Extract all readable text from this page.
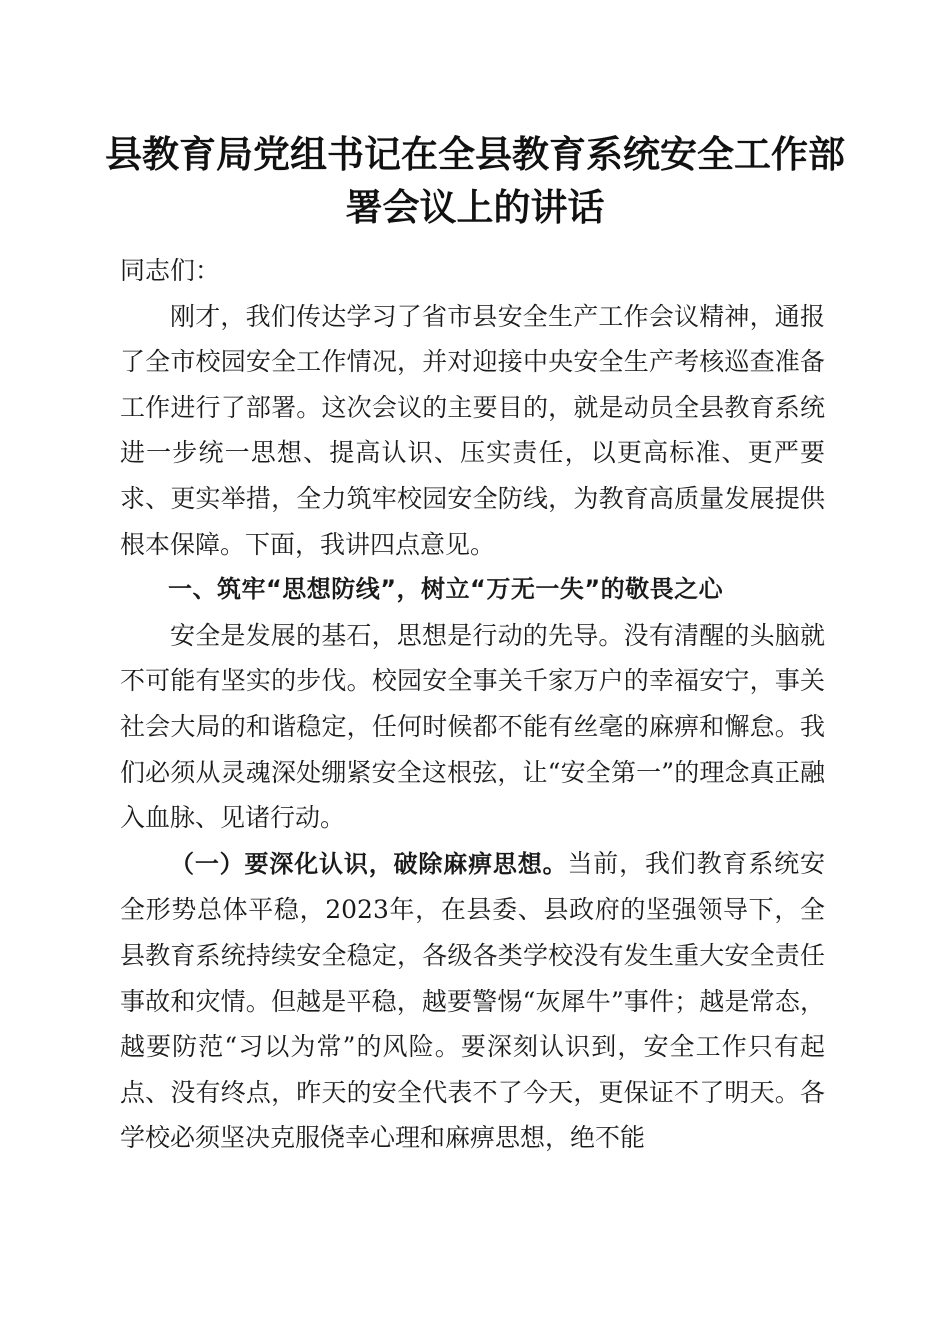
县教育局党组书记在全县教育系统安全工作部署会议上的讲话

同志们：

刚才，我们传达学习了省市县安全生产工作会议精神，通报了全市校园安全工作情况，并对迎接中央安全生产考核巡查准备工作进行了部署。这次会议的主要目的，就是动员全县教育系统进一步统一思想、提高认识、压实责任，以更高标准、更严要求、更实举措，全力筑牢校园安全防线，为教育高质量发展提供根本保障。下面，我讲四点意见。

一、筑牢“思想防线”，树立“万无一失”的敬畏之心

安全是发展的基石，思想是行动的先导。没有清醒的头脑就不可能有坚实的步伐。校园安全事关千家万户的幸福安宁，事关社会大局的和谐稳定，任何时候都不能有丝毫的麻痹和懈怠。我们必须从灵魂深处绷紧安全这根弦，让“安全第一”的理念真正融入血脉、见诸行动。

（一）要深化认识，破除麻痹思想。当前，我们教育系统安全形势总体平稳，2023年，在县委、县政府的坚强领导下，全县教育系统持续安全稳定，各级各类学校没有发生重大安全责任事故和灾情。但越是平稳，越要警惕“灰犀牛”事件；越是常态，越要防范“习以为常”的风险。要深刻认识到，安全工作只有起点、没有终点，昨天的安全代表不了今天，更保证不了明天。各学校必须坚决克服侥幸心理和麻痹思想，绝不能
